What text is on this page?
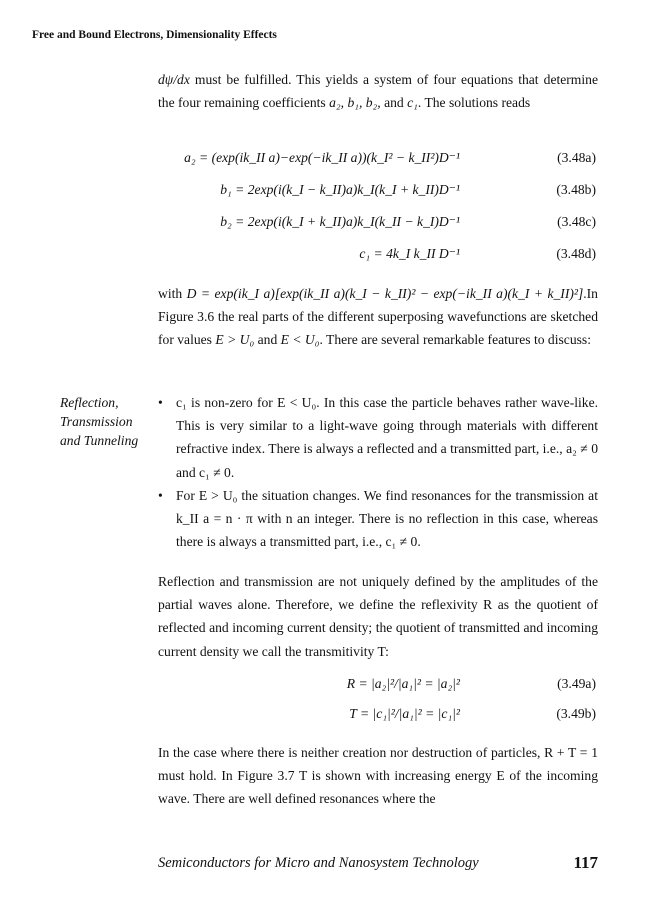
Free and Bound Electrons, Dimensionality Effects
dψ/dx must be fulfilled. This yields a system of four equations that determine the four remaining coefficients a₂, b₁, b₂, and c₁. The solutions reads
a₂ = (exp(ik_II a)−exp(−ik_II a))(k_I² − k_II²)D⁻¹	(3.48a)
b₁ = 2exp(i(k_I − k_II)a)k_I(k_I + k_II)D⁻¹	(3.48b)
b₂ = 2exp(i(k_I + k_II)a)k_I(k_II − k_I)D⁻¹	(3.48c)
c₁ = 4k_I k_II D⁻¹	(3.48d)
with D = exp(ik_I a)[exp(ik_II a)(k_I − k_II)² − exp(−ik_II a)(k_I + k_II)²].In Figure 3.6 the real parts of the different superposing wavefunctions are sketched for values E > U₀ and E < U₀. There are several remarkable features to discuss:
Reflection, Transmission and Tunneling
• c₁ is non-zero for E < U₀. In this case the particle behaves rather wave-like. This is very similar to a light-wave going through materials with different refractive index. There is always a reflected and a transmitted part, i.e., a₂ ≠ 0 and c₁ ≠ 0.
• For E > U₀ the situation changes. We find resonances for the transmission at k_II a = n · π with n an integer. There is no reflection in this case, whereas there is always a transmitted part, i.e., c₁ ≠ 0.
Reflection and transmission are not uniquely defined by the amplitudes of the partial waves alone. Therefore, we define the reflexivity R as the quotient of reflected and incoming current density; the quotient of transmitted and incoming current density we call the transmitivity T:
R = |a₂|²/|a₁|² = |a₂|²	(3.49a)
T = |c₁|²/|a₁|² = |c₁|²	(3.49b)
In the case where there is neither creation nor destruction of particles, R + T = 1 must hold. In Figure 3.7 T is shown with increasing energy E of the incoming wave. There are well defined resonances where the
Semiconductors for Micro and Nanosystem Technology	117
